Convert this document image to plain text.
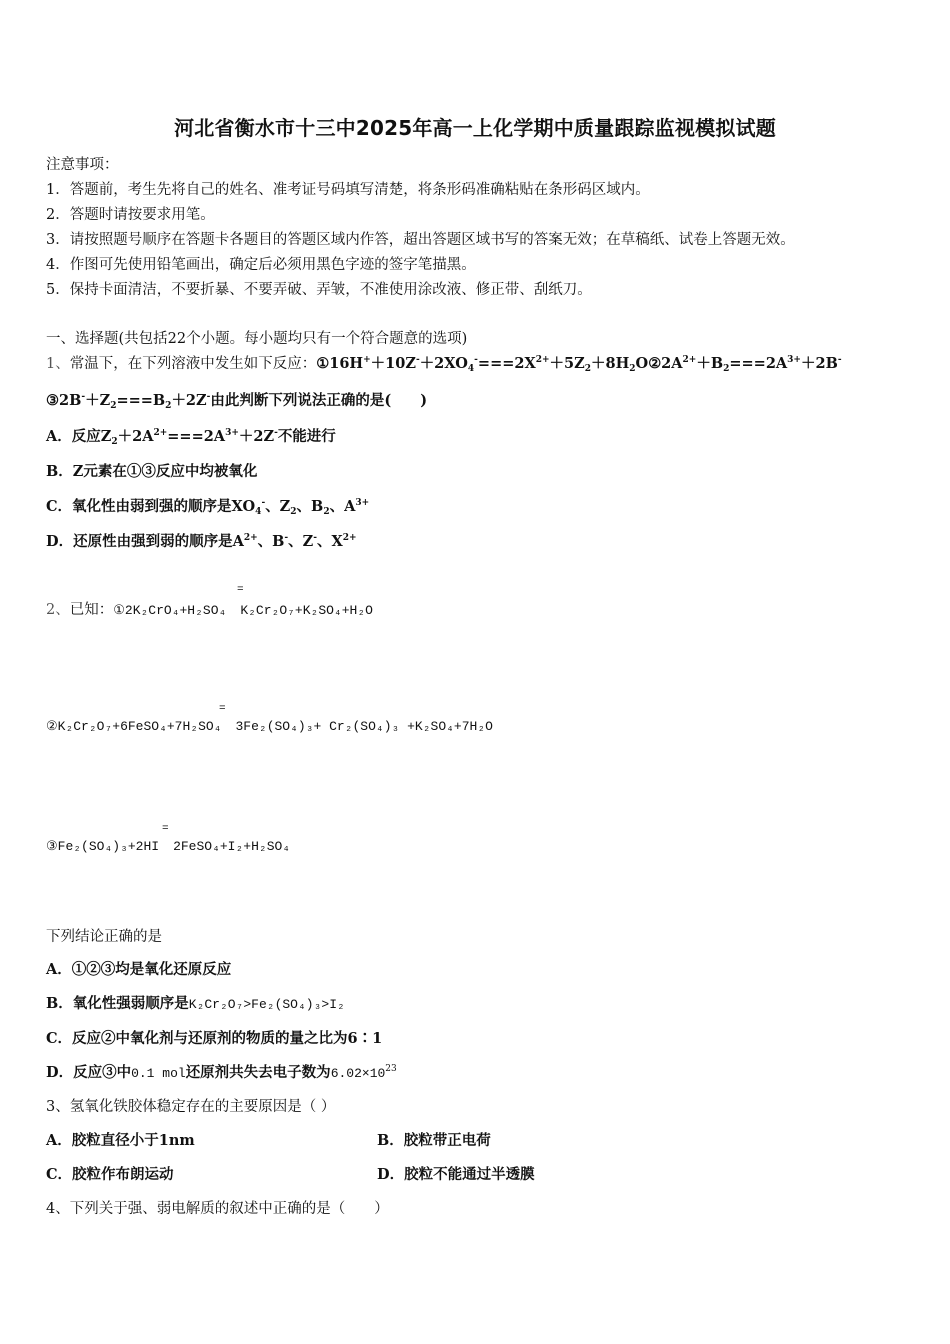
河北省衡水市十三中2025年高一上化学期中质量跟踪监视模拟试题
注意事项：
1．答题前，考生先将自己的姓名、准考证号码填写清楚，将条形码准确粘贴在条形码区域内。
2．答题时请按要求用笔。
3．请按照题号顺序在答题卡各题目的答题区域内作答，超出答题区域书写的答案无效；在草稿纸、试卷上答题无效。
4．作图可先使用铅笔画出，确定后必须用黑色字迹的签字笔描黑。
5．保持卡面清洁，不要折暴、不要弄破、弄皱，不准使用涂改液、修正带、刮纸刀。
一、选择题(共包括22个小题。每小题均只有一个符合题意的选项)
1、常温下，在下列溶液中发生如下反应：$①16H^++10Z^-+2XO_4^-===2X^{2+}+5Z_2+8H_2O②2A^{2+}+B_2===2A^{3+}+2B^-$
$③2B^-+Z_2===B_2+2Z^-$由此判断下列说法正确的是(　　)
A．反应$Z_2+2A^{2+}===2A^{3+}+2Z^-$不能进行
B．Z元素在①③反应中均被氧化
C．氧化性由弱到强的顺序是$XO_4^-$、$Z_2$、$B_2$、$A^{3+}$
D．还原性由强到弱的顺序是$A^{2+}$、B-、Z-、$X^{2+}$
2、已知：①2K₂CrO₄+H₂SO₄ K₂Cr₂O₇+K₂SO₄+H₂O
=
②K₂Cr₂O₇+6FeSO₄+7H₂SO₄ 3Fe₂(SO₄)₃+ Cr₂(SO₄)₃ +K₂SO₄+7H₂O
=
③Fe₂(SO₄)₃+2HI 2FeSO₄+I₂+H₂SO₄
=
下列结论正确的是
A．①②③均是氧化还原反应
B．氧化性强弱顺序是K₂Cr₂O₇>Fe₂(SO₄)₃>I₂
C．反应②中氧化剂与还原剂的物质的量之比为6∶1
D．反应③中0.1 mol还原剂共失去电子数为$6.02\times 10^{23}$
3、氢氧化铁胶体稳定存在的主要原因是（ ）
A．胶粒直径小于1nm	B．胶粒带正电荷
C．胶粒作布朗运动	D．胶粒不能通过半透膜
4、下列关于强、弱电解质的叙述中正确的是（　　）
